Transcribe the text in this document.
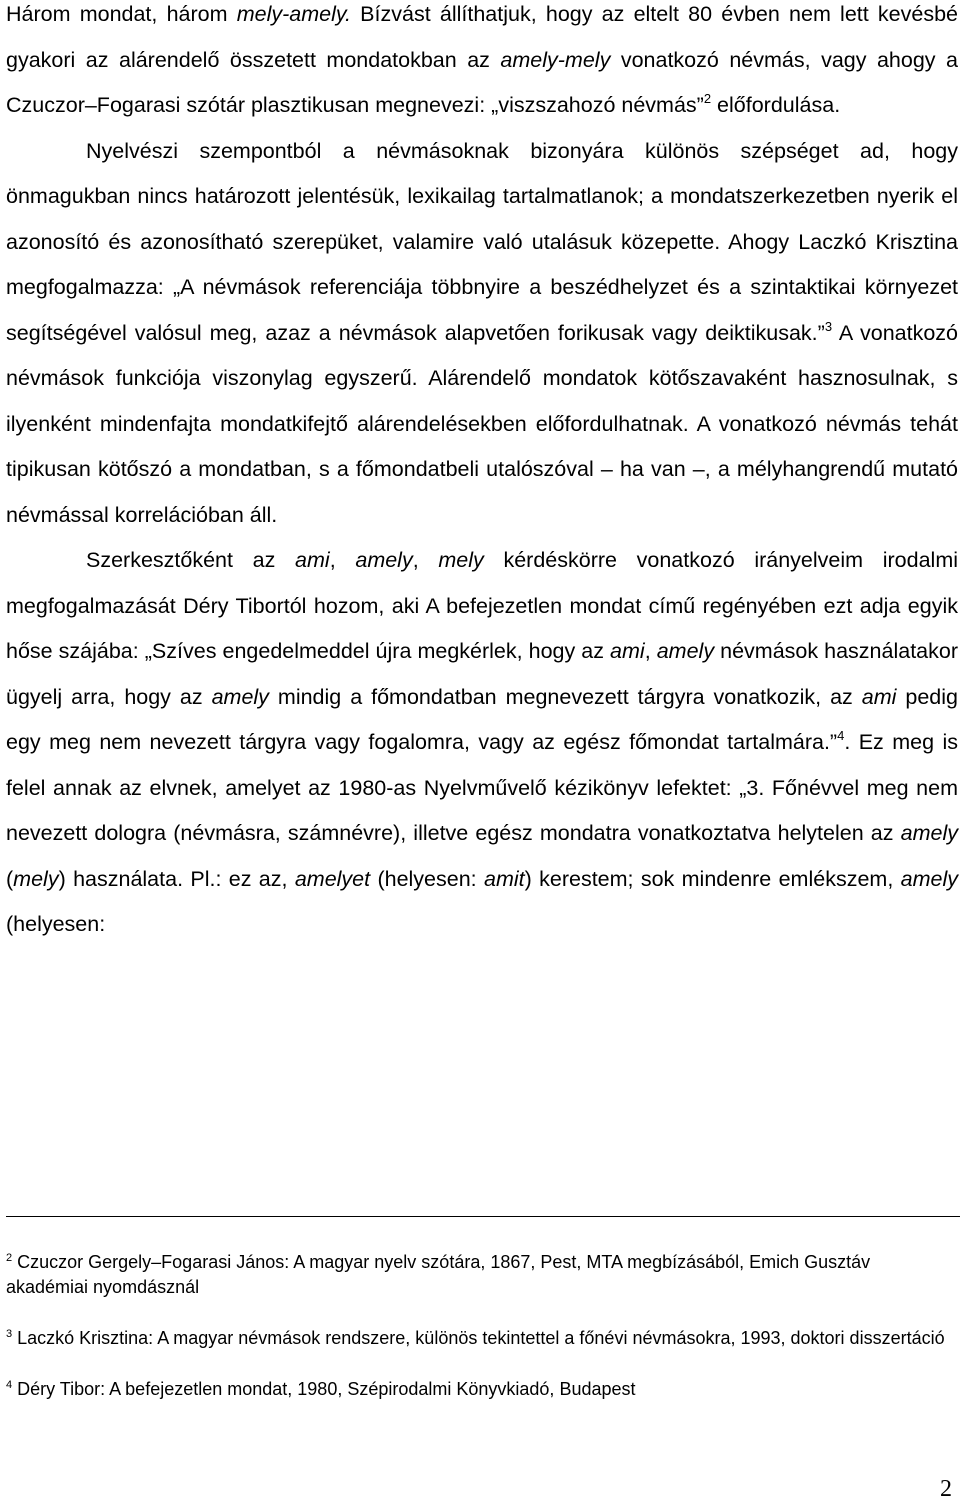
Három mondat, három mely-amely. Bízvást állíthatjuk, hogy az eltelt 80 évben nem lett kevésbé gyakori az alárendelő összetett mondatokban az amely-mely vonatkozó névmás, vagy ahogy a Czuczor–Fogarasi szótár plasztikusan megnevezi: „viszszahozó névmás”$^2$ előfordulása.

Nyelvészi szempontból a névmásoknak bizonyára különös szépséget ad, hogy önmagukban nincs határozott jelentésük, lexikailag tartalmatlanok; a mondatszerkezetben nyerik el azonosító és azonosítható szerepüket, valamire való utalásuk közepette. Ahogy Laczkó Krisztina megfogalmazza: „A névmások referenciája többnyire a beszédhelyzet és a szintaktikai környezet segítségével valósul meg, azaz a névmások alapvetően forikusak vagy deiktikusak.”$^3$ A vonatkozó névmások funkciója viszonylag egyszerű. Alárendelő mondatok kötőszavaként hasznosulnak, s ilyenként mindenfajta mondatkifejtő alárendelésekben előfordulhatnak. A vonatkozó névmás tehát tipikusan kötőszó a mondatban, s a főmondatbeli utalószóval – ha van –, a mélyhangrendű mutató névmással korrelációban áll.

Szerkesztőként az ami, amely, mely kérdéskörre vonatkozó irányelveim irodalmi megfogalmazását Déry Tibortól hozom, aki A befejezetlen mondat című regényében ezt adja egyik hőse szájába: „Szíves engedelmeddel újra megkérlek, hogy az ami, amely névmások használatakor ügyelj arra, hogy az amely mindig a főmondatban megnevezett tárgyra vonatkozik, az ami pedig egy meg nem nevezett tárgyra vagy fogalomra, vagy az egész főmondat tartalmára.”$^4$. Ez meg is felel annak az elvnek, amelyet az 1980-as Nyelvművelő kézikönyv lefektet: „3. Főnévvel meg nem nevezett dologra (névmásra, számnévre), illetve egész mondatra vonatkoztatva helytelen az amely (mely) használata. Pl.: ez az, amelyet (helyesen: amit) kerestem; sok mindenre emlékszem, amely (helyesen:

$^2$ Czuczor Gergely–Fogarasi János: A magyar nyelv szótára, 1867, Pest, MTA megbízásából, Emich Gusztáv akadémiai nyomdásznál

$^3$ Laczkó Krisztina: A magyar névmások rendszere, különös tekintettel a főnévi névmásokra, 1993, doktori disszertáció

$^4$ Déry Tibor: A befejezetlen mondat, 1980, Szépirodalmi Könyvkiadó, Budapest

2
